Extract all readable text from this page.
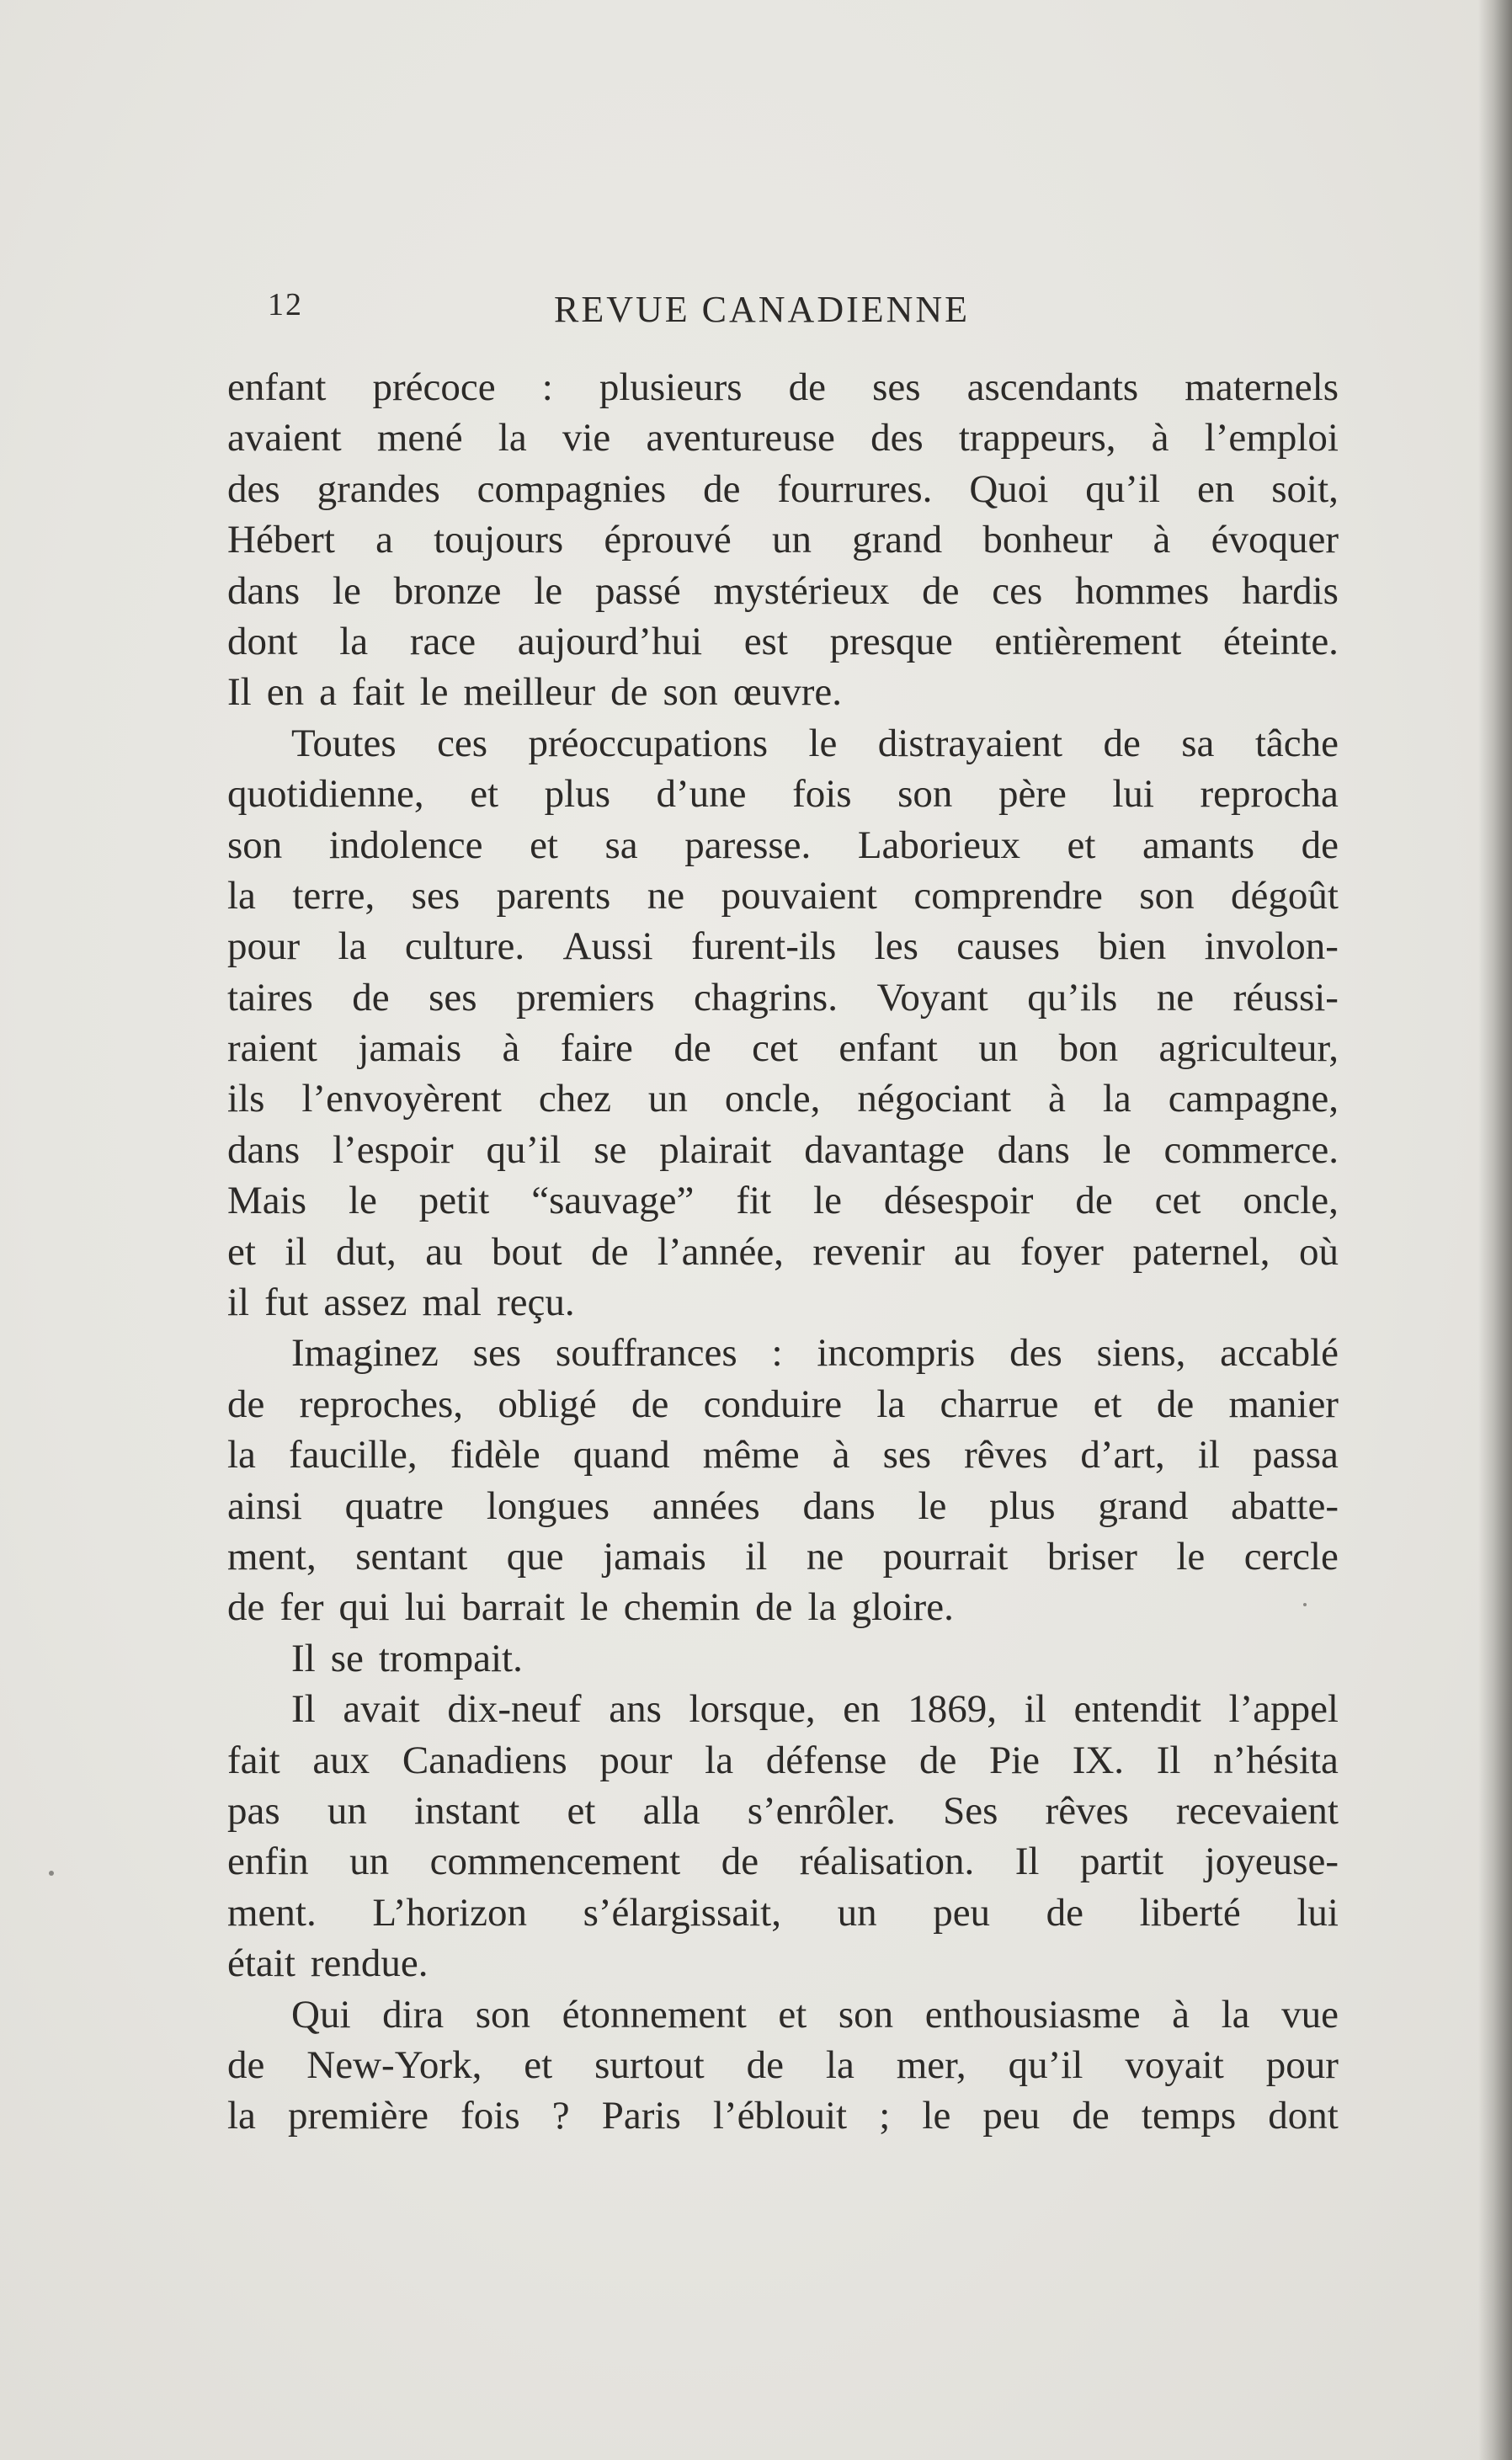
12	REVUE CANADIENNE
enfant précoce : plusieurs de ses ascendants maternels
avaient mené la vie aventureuse des trappeurs, à l’emploi
des grandes compagnies de fourrures. Quoi qu’il en soit,
Hébert a toujours éprouvé un grand bonheur à évoquer
dans le bronze le passé mystérieux de ces hommes hardis
dont la race aujourd’hui est presque entièrement éteinte.
Il en a fait le meilleur de son œuvre.
Toutes ces préoccupations le distrayaient de sa tâche
quotidienne, et plus d’une fois son père lui reprocha
son indolence et sa paresse. Laborieux et amants de
la terre, ses parents ne pouvaient comprendre son dégoût
pour la culture. Aussi furent-ils les causes bien involon-
taires de ses premiers chagrins. Voyant qu’ils ne réussi-
raient jamais à faire de cet enfant un bon agriculteur,
ils l’envoyèrent chez un oncle, négociant à la campagne,
dans l’espoir qu’il se plairait davantage dans le commerce.
Mais le petit “sauvage” fit le désespoir de cet oncle,
et il dut, au bout de l’année, revenir au foyer paternel, où
il fut assez mal reçu.
Imaginez ses souffrances : incompris des siens, accablé
de reproches, obligé de conduire la charrue et de manier
la faucille, fidèle quand même à ses rêves d’art, il passa
ainsi quatre longues années dans le plus grand abatte-
ment, sentant que jamais il ne pourrait briser le cercle
de fer qui lui barrait le chemin de la gloire.
Il se trompait.
Il avait dix-neuf ans lorsque, en 1869, il entendit l’appel
fait aux Canadiens pour la défense de Pie IX. Il n’hésita
pas un instant et alla s’enrôler. Ses rêves recevaient
enfin un commencement de réalisation. Il partit joyeuse-
ment. L’horizon s’élargissait, un peu de liberté lui
était rendue.
Qui dira son étonnement et son enthousiasme à la vue
de New-York, et surtout de la mer, qu’il voyait pour
la première fois ? Paris l’éblouit ; le peu de temps dont
